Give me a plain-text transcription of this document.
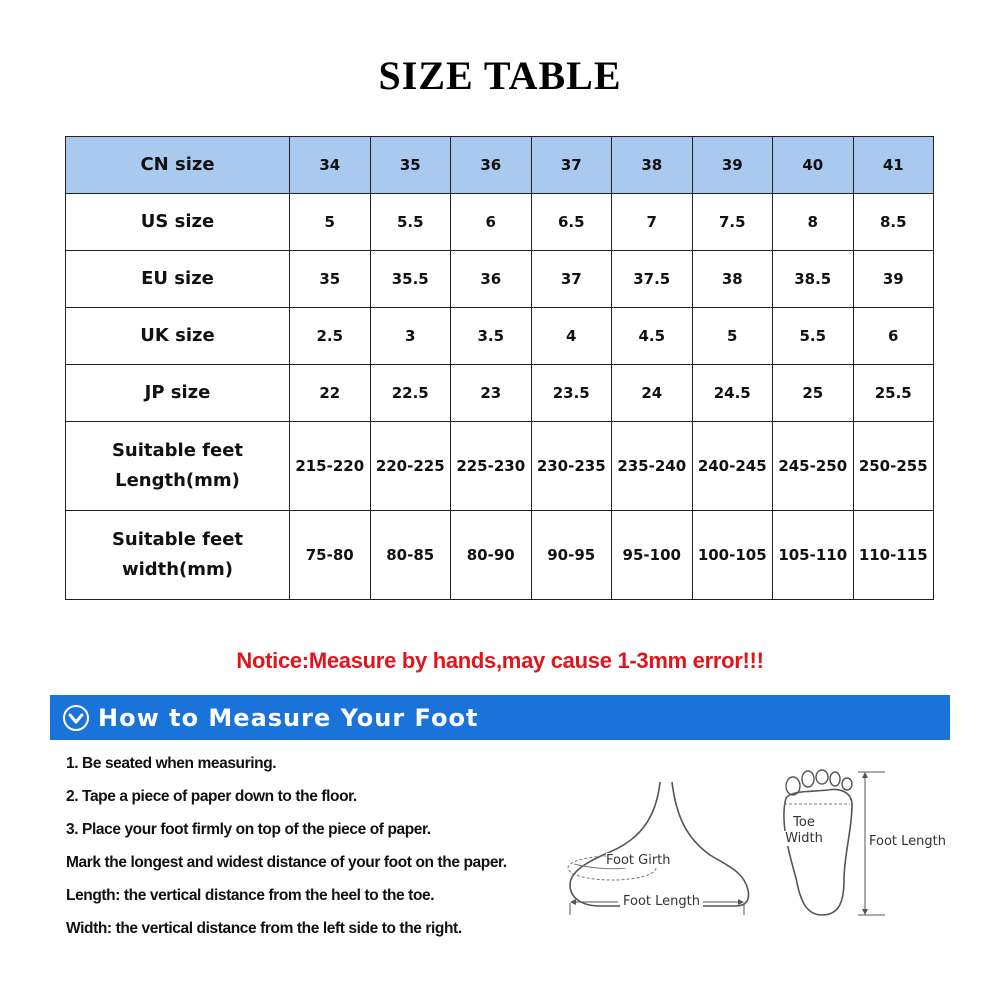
SIZE TABLE
CN size	34	35	36	37	38	39	40	41
US size	5	5.5	6	6.5	7	7.5	8	8.5
EU size	35	35.5	36	37	37.5	38	38.5	39
UK size	2.5	3	3.5	4	4.5	5	5.5	6
JP size	22	22.5	23	23.5	24	24.5	25	25.5

Suitable feet
Length(mm)	215-220	220-225	225-230	230-235	235-240	240-245	245-250	250-255

Suitable feet
width(mm)	75-80	80-85	80-90	90-95	95-100	100-105	105-110	110-115
Notice:Measure by hands,may cause 1-3mm error!!!
How to Measure Your Foot
1. Be seated when measuring.
2. Tape a piece of paper down to the floor.
3. Place your foot firmly on top of the piece of paper.
Mark the longest and widest distance of your foot on the paper.
Length: the vertical distance from the heel to the toe.
Width: the vertical distance from the left side to the right.
Foot Girth
Foot Length
Toe
Width	Foot Length
